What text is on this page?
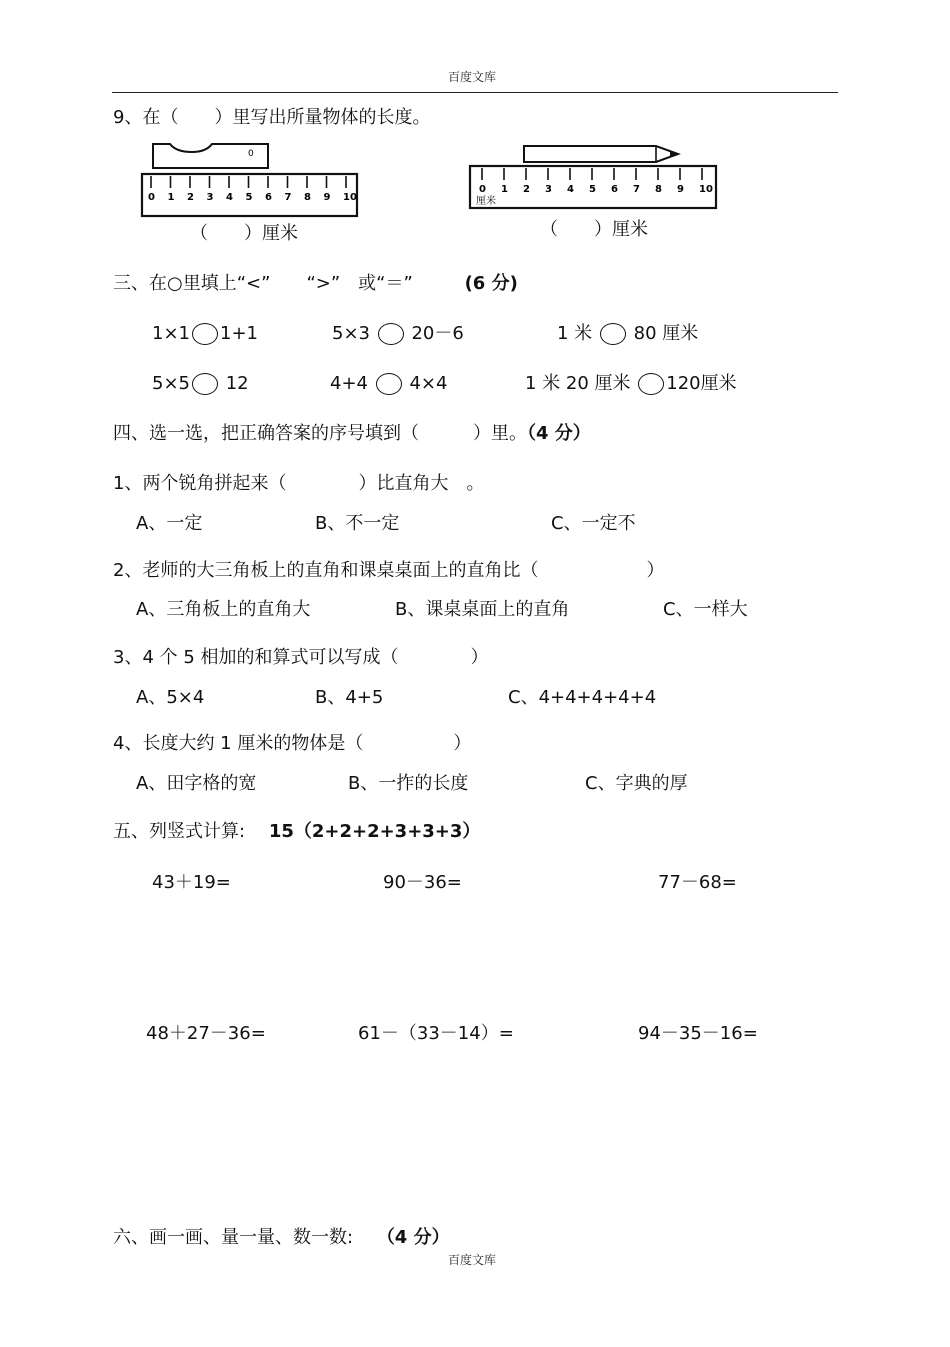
百度文库
9、在（　　）里写出所量物体的长度。
0
0 1 2 3 4 5 6 7 8 9 10
（　　）厘米
0 1 2 3 4 5 6 7 8 9 10
厘米
（　　）厘米
三、在○里填上“<”　　“>”　或“＝”	(6 分)
1×1 1+1	5×3 20－6	1 米 80 厘米
5×5 12	4+4 4×4	1 米 20 厘米 120厘米
四、选一选，把正确答案的序号填到（　　　）里。（4 分）
1、两个锐角拼起来（　　　　）比直角大　。
A、一定	B、不一定	C、一定不
2、老师的大三角板上的直角和课桌桌面上的直角比（　　　　　　）
A、三角板上的直角大	B、课桌桌面上的直角	C、一样大
3、4 个 5 相加的和算式可以写成（　　　　）
A、5×4	B、4+5	C、4+4+4+4+4
4、长度大约 1 厘米的物体是（　　　　　）
A、田字格的宽	B、一拃的长度	C、字典的厚
五、列竖式计算: 15（2+2+2+3+3+3）
43＋19=	90－36=	77－68=
48＋27－36=	61－（33－14）=	94－35－16=
六、画一画、量一量、数一数: （4 分）
百度文库
